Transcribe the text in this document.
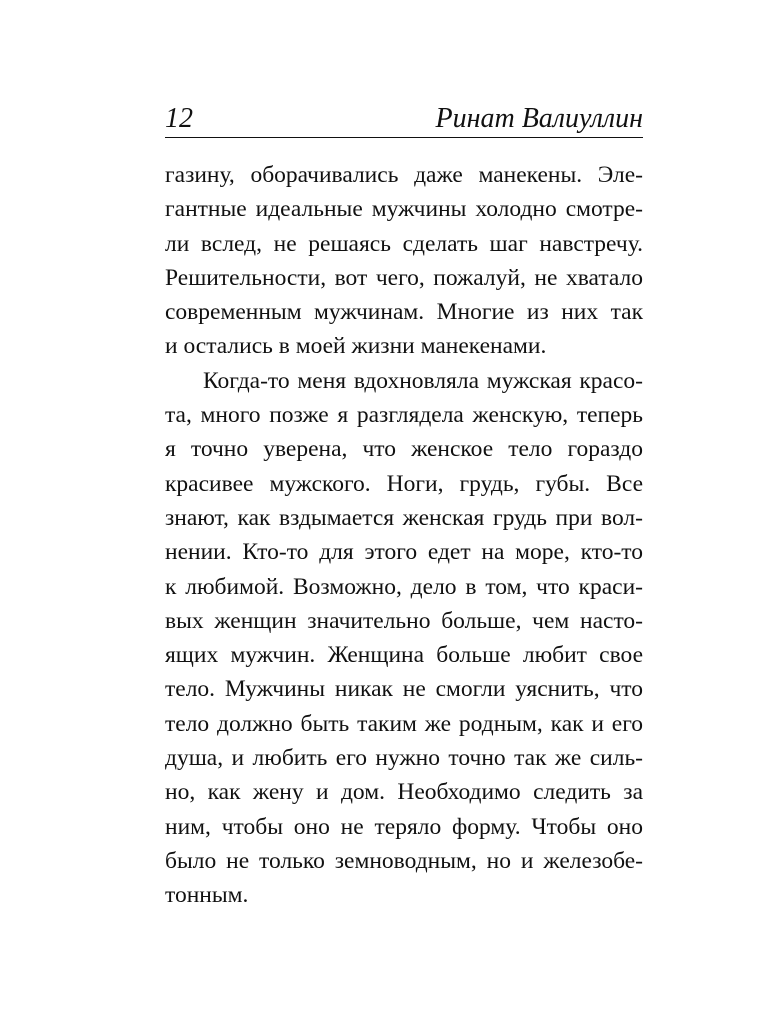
12	Ринат Валиуллин
газину, оборачивались даже манекены. Эле-
гантные идеальные мужчины холодно смотре-
ли вслед, не решаясь сделать шаг навстречу.
Решительности, вот чего, пожалуй, не хватало
современным мужчинам. Многие из них так
и остались в моей жизни манекенами.
Когда-то меня вдохновляла мужская красо-
та, много позже я разглядела женскую, теперь
я точно уверена, что женское тело гораздо
красивее мужского. Ноги, грудь, губы. Все
знают, как вздымается женская грудь при вол-
нении. Кто-то для этого едет на море, кто-то
к любимой. Возможно, дело в том, что краси-
вых женщин значительно больше, чем насто-
ящих мужчин. Женщина больше любит свое
тело. Мужчины никак не смогли уяснить, что
тело должно быть таким же родным, как и его
душа, и любить его нужно точно так же силь-
но, как жену и дом. Необходимо следить за
ним, чтобы оно не теряло форму. Чтобы оно
было не только земноводным, но и железобе-
тонным.
